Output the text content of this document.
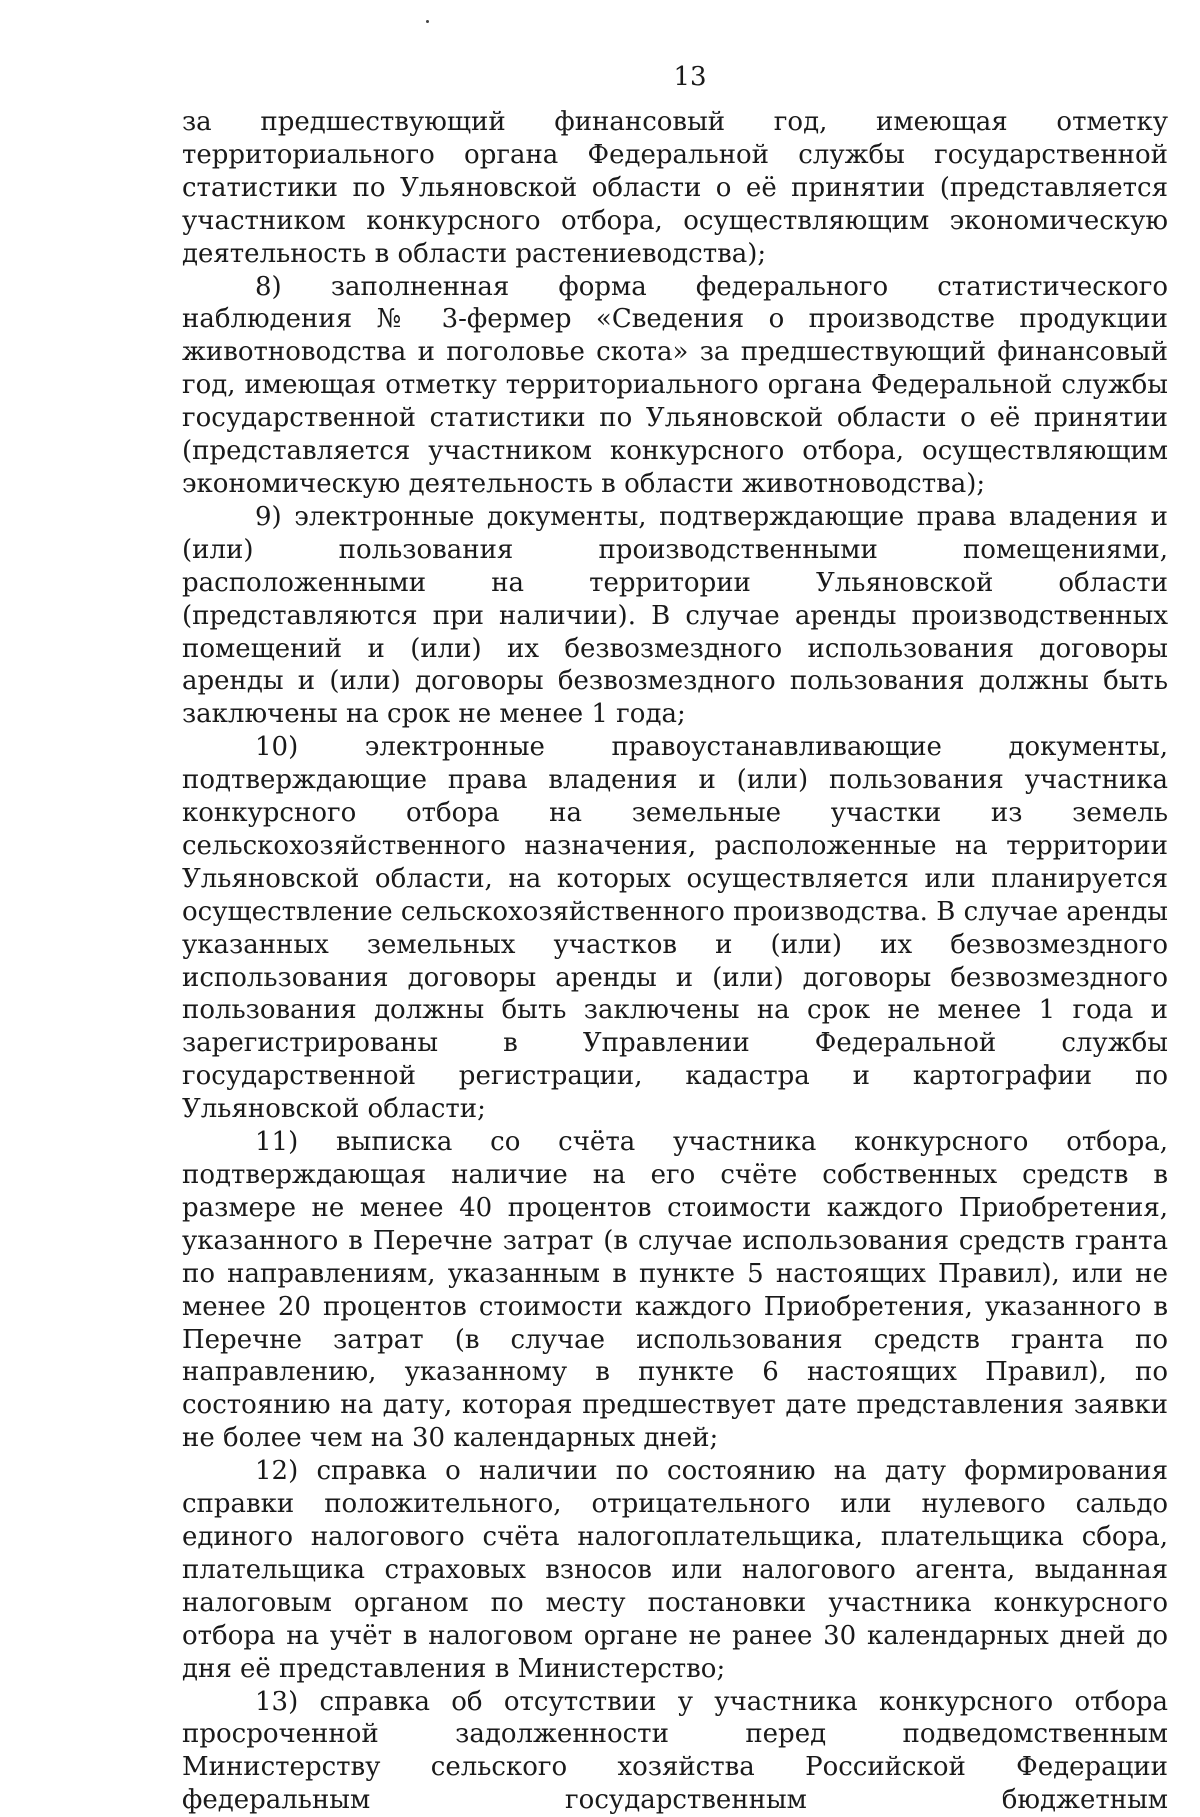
13

за предшествующий финансовый год, имеющая отметку территориального органа Федеральной службы государственной статистики по Ульяновской области о её принятии (представляется участником конкурсного отбора, осуществляющим экономическую деятельность в области растениеводства);

8) заполненная форма федерального статистического наблюдения № 3-фермер «Сведения о производстве продукции животноводства и поголовье скота» за предшествующий финансовый год, имеющая отметку территориального органа Федеральной службы государственной статистики по Ульяновской области о её принятии (представляется участником конкурсного отбора, осуществляющим экономическую деятельность в области животноводства);

9) электронные документы, подтверждающие права владения и (или) пользования производственными помещениями, расположенными на территории Ульяновской области (представляются при наличии). В случае аренды производственных помещений и (или) их безвозмездного использования договоры аренды и (или) договоры безвозмездного пользования должны быть заключены на срок не менее 1 года;

10) электронные правоустанавливающие документы, подтверждающие права владения и (или) пользования участника конкурсного отбора на земельные участки из земель сельскохозяйственного назначения, расположенные на территории Ульяновской области, на которых осуществляется или планируется осуществление сельскохозяйственного производства. В случае аренды указанных земельных участков и (или) их безвозмездного использования договоры аренды и (или) договоры безвозмездного пользования должны быть заключены на срок не менее 1 года и зарегистрированы в Управлении Федеральной службы государственной регистрации, кадастра и картографии по Ульяновской области;

11) выписка со счёта участника конкурсного отбора, подтверждающая наличие на его счёте собственных средств в размере не менее 40 процентов стоимости каждого Приобретения, указанного в Перечне затрат (в случае использования средств гранта по направлениям, указанным в пункте 5 настоящих Правил), или не менее 20 процентов стоимости каждого Приобретения, указанного в Перечне затрат (в случае использования средств гранта по направлению, указанному в пункте 6 настоящих Правил), по состоянию на дату, которая предшествует дате представления заявки не более чем на 30 календарных дней;

12) справка о наличии по состоянию на дату формирования справки положительного, отрицательного или нулевого сальдо единого налогового счёта налогоплательщика, плательщика сбора, плательщика страховых взносов или налогового агента, выданная налоговым органом по месту постановки участника конкурсного отбора на учёт в налоговом органе не ранее 30 календарных дней до дня её представления в Министерство;

13) справка об отсутствии у участника конкурсного отбора просроченной задолженности перед подведомственным Министерству сельского хозяйства Российской Федерации федеральным государственным бюджетным
